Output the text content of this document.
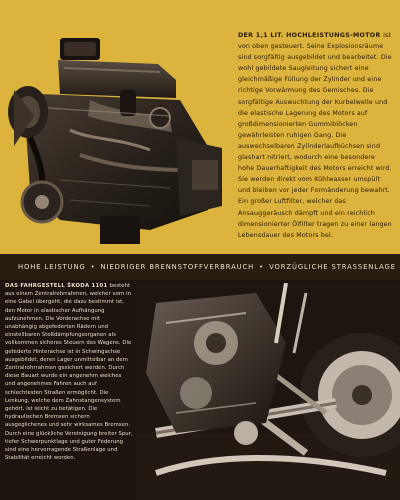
DER 1,1 LIT. HOCHLEISTUNGS-MOTOR ist von oben gesteuert. Seine Explosionsräume sind sorgfältig ausgebildet und bearbeitet. Die wohl gebildete Saugleitung sichert eine gleichmäßige Füllung der Zylinder und eine richtige Vorwärmung des Gemisches. Die sorgfältige Auswuchtung der Kurbelwelle und die elastische Lagerung des Motors auf großdimensionierten Gummiblöcken gewährleisten ruhigen Gang. Die auswechselbaren Zylinderlaufbüchsen sind glashart nitriert, wodurch eine besondere hohe Dauerhaftigkeit des Motors erreicht wird. Sie werden direkt vom Kühlwasser umspült und bleiben vor jeder Formänderung bewahrt. Ein großer Luftfilter, welcher das Ansauggeräusch dämpft und ein reichlich dimensionierter Ölfilter tragen zu einer langen Lebensdauer des Motors bei.
HOHE LEISTUNG • NIEDRIGER BRENNSTOFFVERBRAUCH • VORZÜGLICHE STRASSENLAGE
DAS FAHRGESTELL ŠKODA 1101 besteht aus einem Zentralrohrrahmen, welcher vorn in eine Gabel übergeht, die dazu bestimmt ist, den Motor in elastischer Aufhängung aufzunehmen. Die Vorderachse mit unabhängig abgefederten Rädern und einstellbaren Stoßdämpfungsorganen als vollkommen sicheres Steuern des Wagens. Die gefederte Hinterachse ist in Schwingachse ausgebildet, deren Lager unmittelbar an dem Zentralrohrrahmen gesichert werden. Durch diese Bauart wurde ein angenehm weiches und angenehmes Fahren auch auf schlechtesten Straßen ermöglicht. Die Lenkung, welche dem Zahnstangensystem gehört, ist leicht zu betätigen. Die hydraulischen Bremsen sichern ausgeglichenes und sehr wirksames Bremsen. Durch eine glückliche Vereinigung breiter Spur, tiefer Schwerpunktlage und guter Federung sind eine hervorragende Straßenlage und Stabilität erreicht worden.
